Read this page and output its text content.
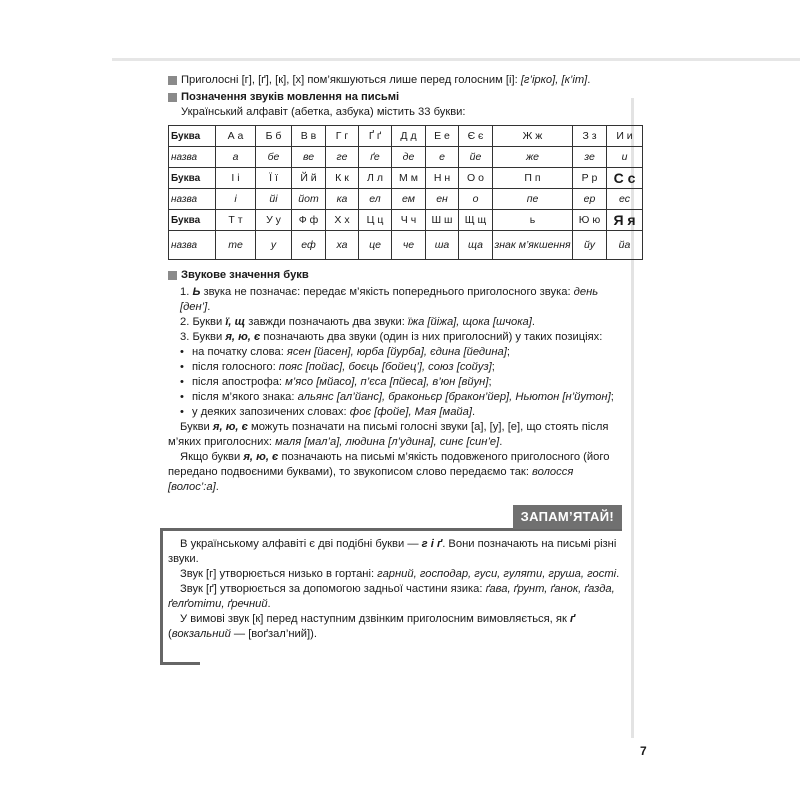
Приголосні [г], [ґ], [к], [х] пом’якшуються лише перед голосним [і]: [г’ірко], [к’іт].
Позначення звуків мовлення на письмі
Український алфавіт (абетка, азбука) містить 33 букви:
Буква	А а	Б б	В в	Г г	Ґ ґ	Д д	Е е	Є є	Ж ж	З з	И и
назва	а	бе	ве	ге	ґе	де	е	йе	же	зе	и
Буква	І і	Ї ї	Й й	К к	Л л	М м	Н н	О о	П п	Р р	С с
назва	і	йі	йот	ка	ел	ем	ен	о	пе	ер	ес
Буква	Т т	У у	Ф ф	Х х	Ц ц	Ч ч	Ш ш	Щ щ	ь	Ю ю	Я я
назва	те	у	еф	ха	це	че	ша	ща	знак м’якшення	йу	йа
Звукове значення букв
1. Ь звука не позначає: передає м’якість попереднього приголосного звука: день [ден’].
2. Букви ї, щ завжди позначають два звуки: їжа [йіжа], щока [шчока].
3. Букви я, ю, є позначають два звуки (один із них приголосний) у таких позиціях:
• на початку слова: ясен [йасен], юрба [йурба], єдина [йедина];
• після голосного: пояс [пойас], боєць [бойец’], союз [сойуз];
• після апострофа: м’ясо [мйасо], п’єса [пйеса], в’юн [вйун];
• після м’якого знака: альянс [ал’йанс], браконьєр [бракон’йер], Ньютон [н’йутон];
• у деяких запозичених словах: фоє [фойе], Мая [майа].

Букви я, ю, є можуть позначати на письмі голосні звуки [а], [у], [е], що стоять після м’яких приголосних: маля [мал’а], людина [л’удина], синє [син’е].

Якщо букви я, ю, є позначають на письмі м’якість подовженого приголосного (його передано подвоєними буквами), то звукописом слово передаємо так: волосся [волос’:а].

ЗАПАМ’ЯТАЙ!

В українському алфавіті є дві подібні букви — г і ґ. Вони позначають на письмі різні звуки.

Звук [г] утворюється низько в гортані: гарний, господар, гуси, гуляти, груша, гості.

Звук [ґ] утворюється за допомогою задньої частини язика: ґава, ґрунт, ґанок, ґазда, ґелґотіти, ґречний.

У вимові звук [к] перед наступним дзвінким приголосним вимовляється, як ґ (вокзальний — [воґзал’ний]).

7
